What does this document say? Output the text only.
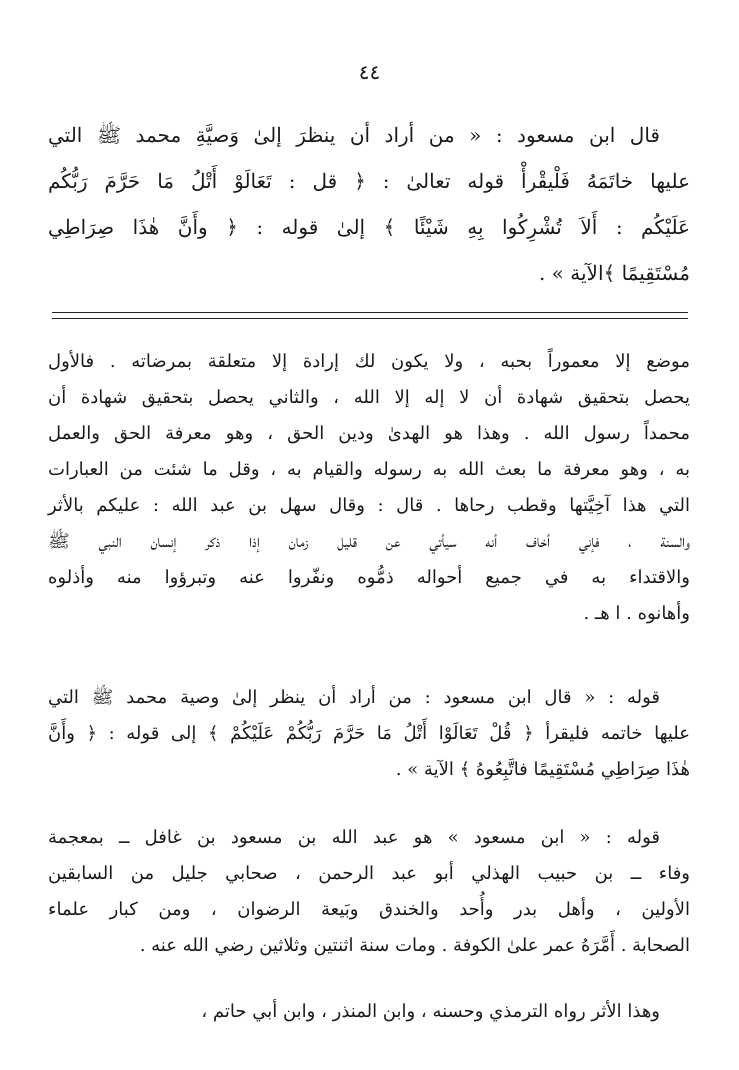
٤٤
قال ابن مسعود : « من أراد أن ينظرَ إلىٰ وَصيَّةِ محمد ﷺ التي
عليها خاتَمَهُ فَلْيقْرأْ قوله تعالىٰ : ﴿ قل : تَعَالَوْ أَتْلُ مَا حَرَّمَ رَبُّكُم
عَلَيْكُم : أَلاَ تُشْرِكُوا بِهِ شَيْئًا ﴾ إلىٰ قوله : ﴿ وأَنَّ هٰذَا صِرَاطِي
مُسْتَقِيمًا ﴾الآية » .
موضع إلا معموراً بحبه ، ولا يكون لك إرادة إلا متعلقة بمرضاته . فالأول
يحصل بتحقيق شهادة أن لا إله إلا الله ، والثاني يحصل بتحقيق شهادة أن
محمداً رسول الله . وهذا هو الهدىٰ ودين الحق ، وهو معرفة الحق والعمل
به ، وهو معرفة ما بعث الله به رسوله والقيام به ، وقل ما شئت من العبارات
التي هذا آخِيَّتها وقطب رحاها . قال : وقال سهل بن عبد الله : عليكم بالأثر
والسنة ، فإني أخاف أنه سيأتي عن قليل زمان إذا ذكر إنسان النبي ﷺ
والاقتداء به في جميع أحواله ذمُّوه ونفّروا عنه وتبرؤوا منه وأذلوه
وأهانوه . ا هـ .
قوله : « قال ابن مسعود : من أراد أن ينظر إلىٰ وصية محمد ﷺ التي
عليها خاتمه فليقرأ ﴿ قُلْ تَعَالَوْا أَتْلُ مَا حَرَّمَ رَبُّكُمْ عَلَيْكُمْ ﴾ إلى قوله : ﴿ وأَنَّ
هٰذَا صِرَاطِي مُسْتَقِيمًا فاتَّبِعُوهُ ﴾ الآية » .
قوله : « ابن مسعود » هو عبد الله بن مسعود بن غافل ــ بمعجمة
وفاء ــ بن حبيب الهذلي أبو عبد الرحمن ، صحابي جليل من السابقين
الأولين ، وأهل بدر وأُحد والخندق وبَيعة الرضوان ، ومن كبار علماء
الصحابة . أَمَّرَهُ عمر علىٰ الكوفة . ومات سنة اثنتين وثلاثين رضي الله عنه .
وهذا الأثر رواه الترمذي وحسنه ، وابن المنذر ، وابن أبي حاتم ،
